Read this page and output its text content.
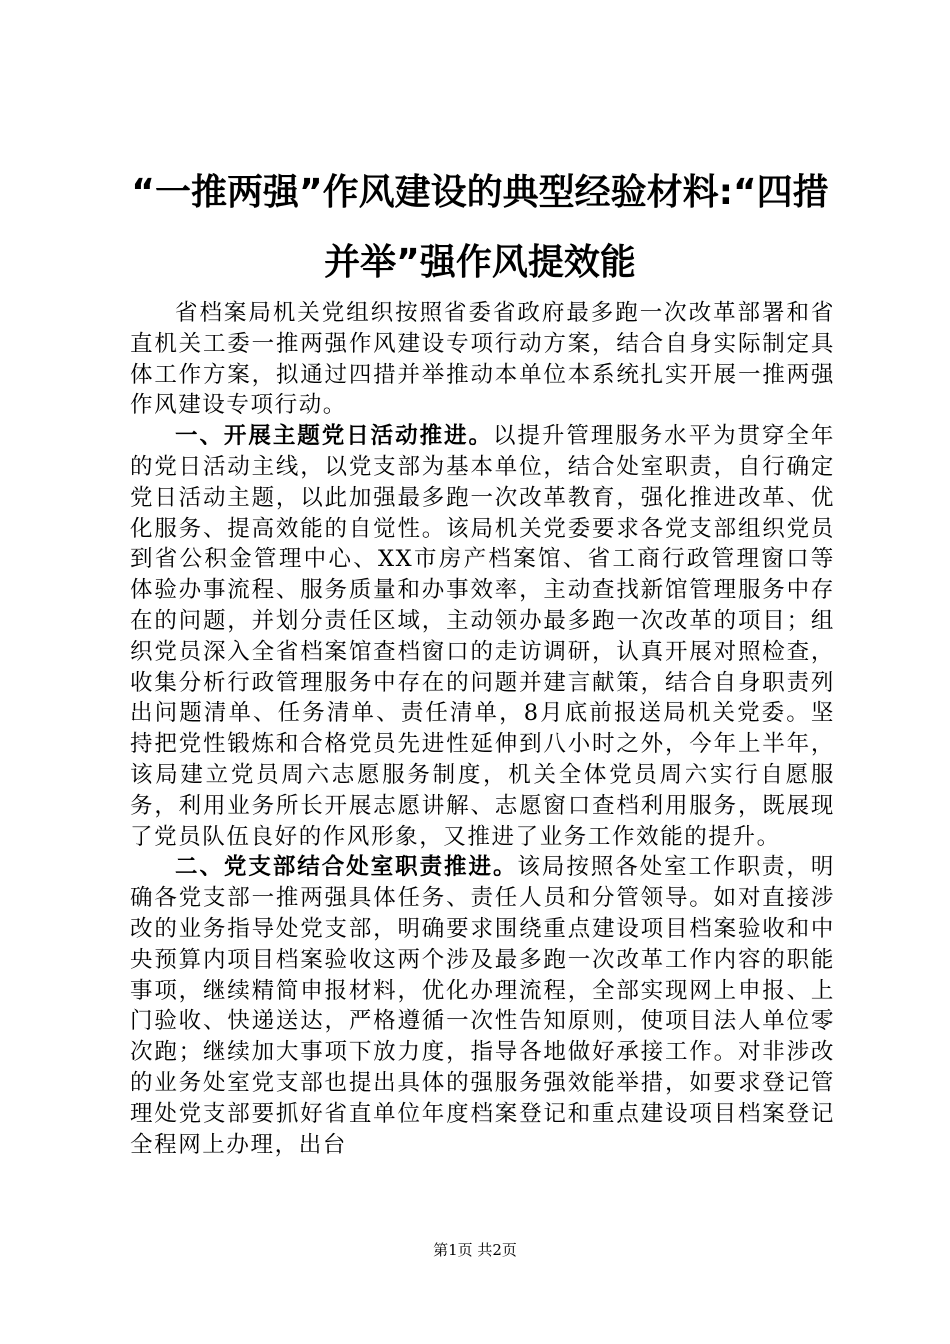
“一推两强”作风建设的典型经验材料:“四措并举”强作风提效能

省档案局机关党组织按照省委省政府最多跑一次改革部署和省直机关工委一推两强作风建设专项行动方案，结合自身实际制定具体工作方案，拟通过四措并举推动本单位本系统扎实开展一推两强作风建设专项行动。

一、开展主题党日活动推进。以提升管理服务水平为贯穿全年的党日活动主线，以党支部为基本单位，结合处室职责，自行确定党日活动主题，以此加强最多跑一次改革教育，强化推进改革、优化服务、提高效能的自觉性。该局机关党委要求各党支部组织党员到省公积金管理中心、XX市房产档案馆、省工商行政管理窗口等体验办事流程、服务质量和办事效率，主动查找新馆管理服务中存在的问题，并划分责任区域，主动领办最多跑一次改革的项目；组织党员深入全省档案馆查档窗口的走访调研，认真开展对照检查，收集分析行政管理服务中存在的问题并建言献策，结合自身职责列出问题清单、任务清单、责任清单，8月底前报送局机关党委。坚持把党性锻炼和合格党员先进性延伸到八小时之外，今年上半年，该局建立党员周六志愿服务制度，机关全体党员周六实行自愿服务，利用业务所长开展志愿讲解、志愿窗口查档利用服务，既展现了党员队伍良好的作风形象，又推进了业务工作效能的提升。

二、党支部结合处室职责推进。该局按照各处室工作职责，明确各党支部一推两强具体任务、责任人员和分管领导。如对直接涉改的业务指导处党支部，明确要求围绕重点建设项目档案验收和中央预算内项目档案验收这两个涉及最多跑一次改革工作内容的职能事项，继续精简申报材料，优化办理流程，全部实现网上申报、上门验收、快递送达，严格遵循一次性告知原则，使项目法人单位零次跑；继续加大事项下放力度，指导各地做好承接工作。对非涉改的业务处室党支部也提出具体的强服务强效能举措，如要求登记管理处党支部要抓好省直单位年度档案登记和重点建设项目档案登记全程网上办理，出台

第1页 共2页
